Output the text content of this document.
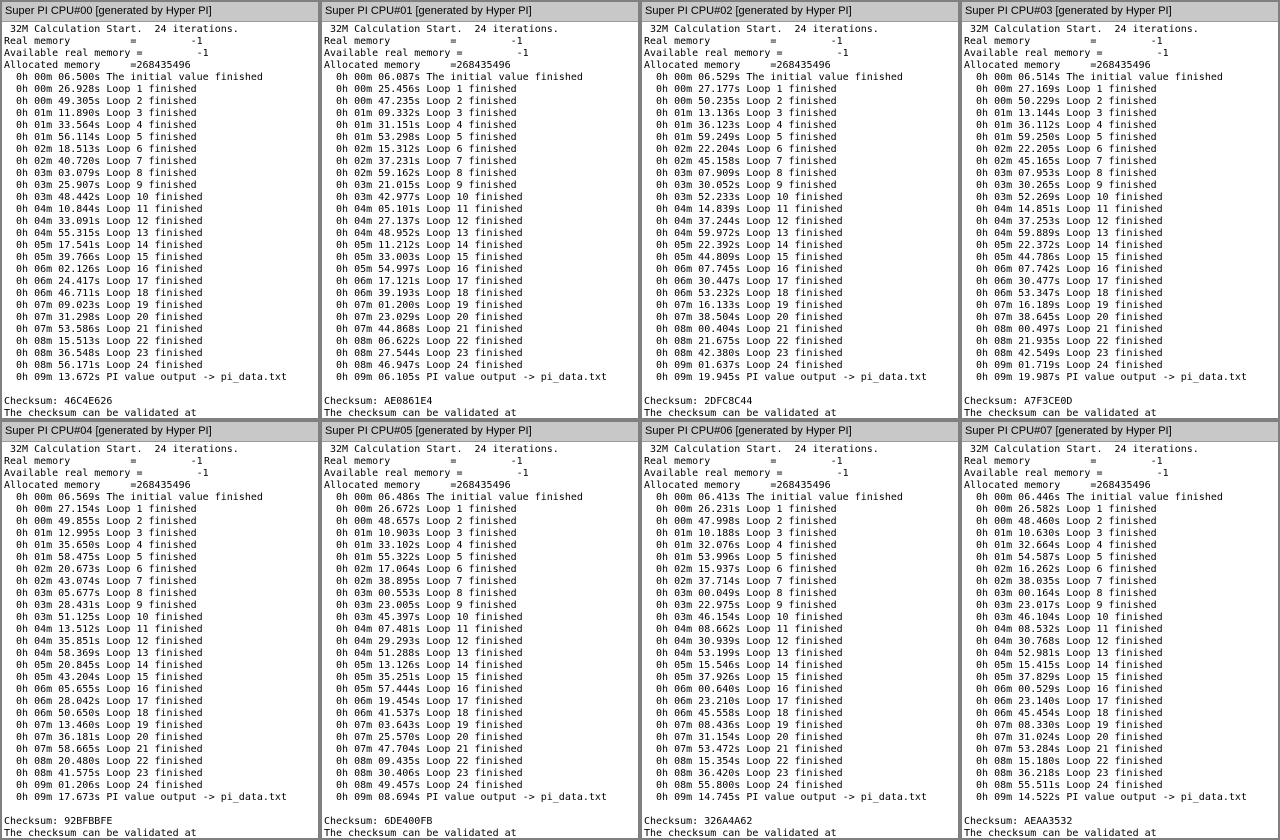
Super PI CPU#00 [generated by Hyper PI]
32M Calculation Start.  24 iterations.
Real memory          =         -1
Available real memory =         -1
Allocated memory     =268435496
0h 00m 06.500s The initial value finished
0h 00m 26.928s Loop 1 finished
0h 00m 49.305s Loop 2 finished
0h 01m 11.890s Loop 3 finished
0h 01m 33.564s Loop 4 finished
0h 01m 56.114s Loop 5 finished
0h 02m 18.513s Loop 6 finished
0h 02m 40.720s Loop 7 finished
0h 03m 03.079s Loop 8 finished
0h 03m 25.907s Loop 9 finished
0h 03m 48.442s Loop 10 finished
0h 04m 10.844s Loop 11 finished
0h 04m 33.091s Loop 12 finished
0h 04m 55.315s Loop 13 finished
0h 05m 17.541s Loop 14 finished
0h 05m 39.766s Loop 15 finished
0h 06m 02.126s Loop 16 finished
0h 06m 24.417s Loop 17 finished
0h 06m 46.711s Loop 18 finished
0h 07m 09.023s Loop 19 finished
0h 07m 31.298s Loop 20 finished
0h 07m 53.586s Loop 21 finished
0h 08m 15.513s Loop 22 finished
0h 08m 36.548s Loop 23 finished
0h 08m 56.171s Loop 24 finished
0h 09m 13.672s PI value output -> pi_data.txt
Checksum: 46C4E626
The checksum can be validated at
Super PI CPU#01 [generated by Hyper PI]
32M Calculation Start.  24 iterations.
Real memory          =         -1
Available real memory =         -1
Allocated memory     =268435496
0h 00m 06.087s The initial value finished
0h 00m 25.456s Loop 1 finished
0h 00m 47.235s Loop 2 finished
0h 01m 09.332s Loop 3 finished
0h 01m 31.151s Loop 4 finished
0h 01m 53.298s Loop 5 finished
0h 02m 15.312s Loop 6 finished
0h 02m 37.231s Loop 7 finished
0h 02m 59.162s Loop 8 finished
0h 03m 21.015s Loop 9 finished
0h 03m 42.977s Loop 10 finished
0h 04m 05.101s Loop 11 finished
0h 04m 27.137s Loop 12 finished
0h 04m 48.952s Loop 13 finished
0h 05m 11.212s Loop 14 finished
0h 05m 33.003s Loop 15 finished
0h 05m 54.997s Loop 16 finished
0h 06m 17.121s Loop 17 finished
0h 06m 39.193s Loop 18 finished
0h 07m 01.200s Loop 19 finished
0h 07m 23.029s Loop 20 finished
0h 07m 44.868s Loop 21 finished
0h 08m 06.622s Loop 22 finished
0h 08m 27.544s Loop 23 finished
0h 08m 46.947s Loop 24 finished
0h 09m 06.105s PI value output -> pi_data.txt
Checksum: AE0861E4
The checksum can be validated at
Super PI CPU#02 [generated by Hyper PI]
32M Calculation Start.  24 iterations.
Real memory          =         -1
Available real memory =         -1
Allocated memory     =268435496
0h 00m 06.529s The initial value finished
0h 00m 27.177s Loop 1 finished
0h 00m 50.235s Loop 2 finished
0h 01m 13.136s Loop 3 finished
0h 01m 36.123s Loop 4 finished
0h 01m 59.249s Loop 5 finished
0h 02m 22.204s Loop 6 finished
0h 02m 45.158s Loop 7 finished
0h 03m 07.909s Loop 8 finished
0h 03m 30.052s Loop 9 finished
0h 03m 52.233s Loop 10 finished
0h 04m 14.839s Loop 11 finished
0h 04m 37.244s Loop 12 finished
0h 04m 59.972s Loop 13 finished
0h 05m 22.392s Loop 14 finished
0h 05m 44.809s Loop 15 finished
0h 06m 07.745s Loop 16 finished
0h 06m 30.447s Loop 17 finished
0h 06m 53.232s Loop 18 finished
0h 07m 16.133s Loop 19 finished
0h 07m 38.504s Loop 20 finished
0h 08m 00.404s Loop 21 finished
0h 08m 21.675s Loop 22 finished
0h 08m 42.380s Loop 23 finished
0h 09m 01.637s Loop 24 finished
0h 09m 19.945s PI value output -> pi_data.txt
Checksum: 2DFC8C44
The checksum can be validated at
Super PI CPU#03 [generated by Hyper PI]
32M Calculation Start.  24 iterations.
Real memory          =         -1
Available real memory =         -1
Allocated memory     =268435496
0h 00m 06.514s The initial value finished
0h 00m 27.169s Loop 1 finished
0h 00m 50.229s Loop 2 finished
0h 01m 13.144s Loop 3 finished
0h 01m 36.112s Loop 4 finished
0h 01m 59.250s Loop 5 finished
0h 02m 22.205s Loop 6 finished
0h 02m 45.165s Loop 7 finished
0h 03m 07.953s Loop 8 finished
0h 03m 30.265s Loop 9 finished
0h 03m 52.269s Loop 10 finished
0h 04m 14.851s Loop 11 finished
0h 04m 37.253s Loop 12 finished
0h 04m 59.889s Loop 13 finished
0h 05m 22.372s Loop 14 finished
0h 05m 44.786s Loop 15 finished
0h 06m 07.742s Loop 16 finished
0h 06m 30.477s Loop 17 finished
0h 06m 53.347s Loop 18 finished
0h 07m 16.189s Loop 19 finished
0h 07m 38.645s Loop 20 finished
0h 08m 00.497s Loop 21 finished
0h 08m 21.935s Loop 22 finished
0h 08m 42.549s Loop 23 finished
0h 09m 01.719s Loop 24 finished
0h 09m 19.987s PI value output -> pi_data.txt
Checksum: A7F3CE0D
The checksum can be validated at
Super PI CPU#04 [generated by Hyper PI]
32M Calculation Start.  24 iterations.
Real memory          =         -1
Available real memory =         -1
Allocated memory     =268435496
0h 00m 06.569s The initial value finished
0h 00m 27.154s Loop 1 finished
0h 00m 49.855s Loop 2 finished
0h 01m 12.995s Loop 3 finished
0h 01m 35.650s Loop 4 finished
0h 01m 58.475s Loop 5 finished
0h 02m 20.673s Loop 6 finished
0h 02m 43.074s Loop 7 finished
0h 03m 05.677s Loop 8 finished
0h 03m 28.431s Loop 9 finished
0h 03m 51.125s Loop 10 finished
0h 04m 13.512s Loop 11 finished
0h 04m 35.851s Loop 12 finished
0h 04m 58.369s Loop 13 finished
0h 05m 20.845s Loop 14 finished
0h 05m 43.204s Loop 15 finished
0h 06m 05.655s Loop 16 finished
0h 06m 28.042s Loop 17 finished
0h 06m 50.650s Loop 18 finished
0h 07m 13.460s Loop 19 finished
0h 07m 36.181s Loop 20 finished
0h 07m 58.665s Loop 21 finished
0h 08m 20.480s Loop 22 finished
0h 08m 41.575s Loop 23 finished
0h 09m 01.206s Loop 24 finished
0h 09m 17.673s PI value output -> pi_data.txt
Checksum: 92BFBBFE
The checksum can be validated at
Super PI CPU#05 [generated by Hyper PI]
32M Calculation Start.  24 iterations.
Real memory          =         -1
Available real memory =         -1
Allocated memory     =268435496
0h 00m 06.486s The initial value finished
0h 00m 26.672s Loop 1 finished
0h 00m 48.657s Loop 2 finished
0h 01m 10.903s Loop 3 finished
0h 01m 33.102s Loop 4 finished
0h 01m 55.322s Loop 5 finished
0h 02m 17.064s Loop 6 finished
0h 02m 38.895s Loop 7 finished
0h 03m 00.553s Loop 8 finished
0h 03m 23.005s Loop 9 finished
0h 03m 45.397s Loop 10 finished
0h 04m 07.481s Loop 11 finished
0h 04m 29.293s Loop 12 finished
0h 04m 51.288s Loop 13 finished
0h 05m 13.126s Loop 14 finished
0h 05m 35.251s Loop 15 finished
0h 05m 57.444s Loop 16 finished
0h 06m 19.454s Loop 17 finished
0h 06m 41.537s Loop 18 finished
0h 07m 03.643s Loop 19 finished
0h 07m 25.570s Loop 20 finished
0h 07m 47.704s Loop 21 finished
0h 08m 09.435s Loop 22 finished
0h 08m 30.406s Loop 23 finished
0h 08m 49.457s Loop 24 finished
0h 09m 08.694s PI value output -> pi_data.txt
Checksum: 6DE400FB
The checksum can be validated at
Super PI CPU#06 [generated by Hyper PI]
32M Calculation Start.  24 iterations.
Real memory          =         -1
Available real memory =         -1
Allocated memory     =268435496
0h 00m 06.413s The initial value finished
0h 00m 26.231s Loop 1 finished
0h 00m 47.998s Loop 2 finished
0h 01m 10.188s Loop 3 finished
0h 01m 32.076s Loop 4 finished
0h 01m 53.996s Loop 5 finished
0h 02m 15.937s Loop 6 finished
0h 02m 37.714s Loop 7 finished
0h 03m 00.049s Loop 8 finished
0h 03m 22.975s Loop 9 finished
0h 03m 46.154s Loop 10 finished
0h 04m 08.662s Loop 11 finished
0h 04m 30.939s Loop 12 finished
0h 04m 53.199s Loop 13 finished
0h 05m 15.546s Loop 14 finished
0h 05m 37.926s Loop 15 finished
0h 06m 00.640s Loop 16 finished
0h 06m 23.210s Loop 17 finished
0h 06m 45.558s Loop 18 finished
0h 07m 08.436s Loop 19 finished
0h 07m 31.154s Loop 20 finished
0h 07m 53.472s Loop 21 finished
0h 08m 15.354s Loop 22 finished
0h 08m 36.420s Loop 23 finished
0h 08m 55.800s Loop 24 finished
0h 09m 14.745s PI value output -> pi_data.txt
Checksum: 326A4A62
The checksum can be validated at
Super PI CPU#07 [generated by Hyper PI]
32M Calculation Start.  24 iterations.
Real memory          =         -1
Available real memory =         -1
Allocated memory     =268435496
0h 00m 06.446s The initial value finished
0h 00m 26.582s Loop 1 finished
0h 00m 48.460s Loop 2 finished
0h 01m 10.630s Loop 3 finished
0h 01m 32.664s Loop 4 finished
0h 01m 54.587s Loop 5 finished
0h 02m 16.262s Loop 6 finished
0h 02m 38.035s Loop 7 finished
0h 03m 00.164s Loop 8 finished
0h 03m 23.017s Loop 9 finished
0h 03m 46.104s Loop 10 finished
0h 04m 08.532s Loop 11 finished
0h 04m 30.768s Loop 12 finished
0h 04m 52.981s Loop 13 finished
0h 05m 15.415s Loop 14 finished
0h 05m 37.829s Loop 15 finished
0h 06m 00.529s Loop 16 finished
0h 06m 23.140s Loop 17 finished
0h 06m 45.454s Loop 18 finished
0h 07m 08.330s Loop 19 finished
0h 07m 31.024s Loop 20 finished
0h 07m 53.284s Loop 21 finished
0h 08m 15.180s Loop 22 finished
0h 08m 36.218s Loop 23 finished
0h 08m 55.511s Loop 24 finished
0h 09m 14.522s PI value output -> pi_data.txt
Checksum: AEAA3532
The checksum can be validated at
